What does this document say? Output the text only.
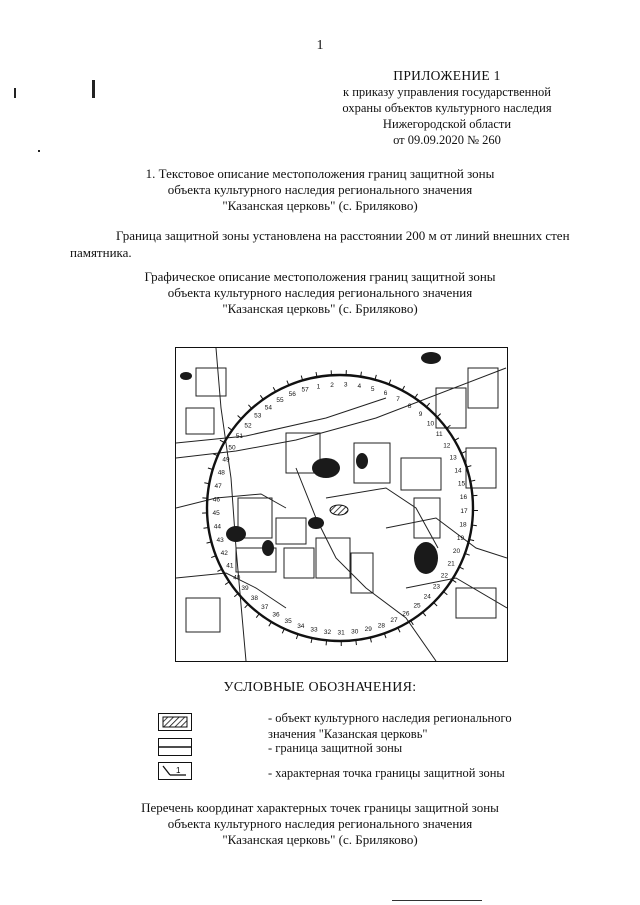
1
ПРИЛОЖЕНИЕ 1
к приказу управления государственной
охраны объектов культурного наследия
Нижегородской области
от 09.09.2020 № 260
1. Текстовое описание местоположения границ защитной зоны
объекта культурного наследия регионального значения
"Казанская церковь" (с. Бриляково)
Граница защитной зоны установлена на расстоянии 200 м от линий внешних стен
памятника.
Графическое описание местоположения границ защитной зоны
объекта культурного наследия регионального значения
"Казанская церковь" (с. Бриляково)
1 2 3 4 5
6
7
8
9
10
11
12
13
14
15
16
17
18
19
20
21
22
23
24
25
26
27
28
29
30
31
32
33
34
35
36
37
38
39
40
41
42
43
44
45
46
47
48
49
50
51
52
53
54
55
56
57
УСЛОВНЫЕ ОБОЗНАЧЕНИЯ:
- объект культурного наследия регионального
значения "Казанская церковь"
- граница защитной зоны
1	- характерная точка границы защитной зоны
Перечень координат характерных точек границы защитной зоны
объекта культурного наследия регионального значения
"Казанская церковь" (с. Бриляково)
